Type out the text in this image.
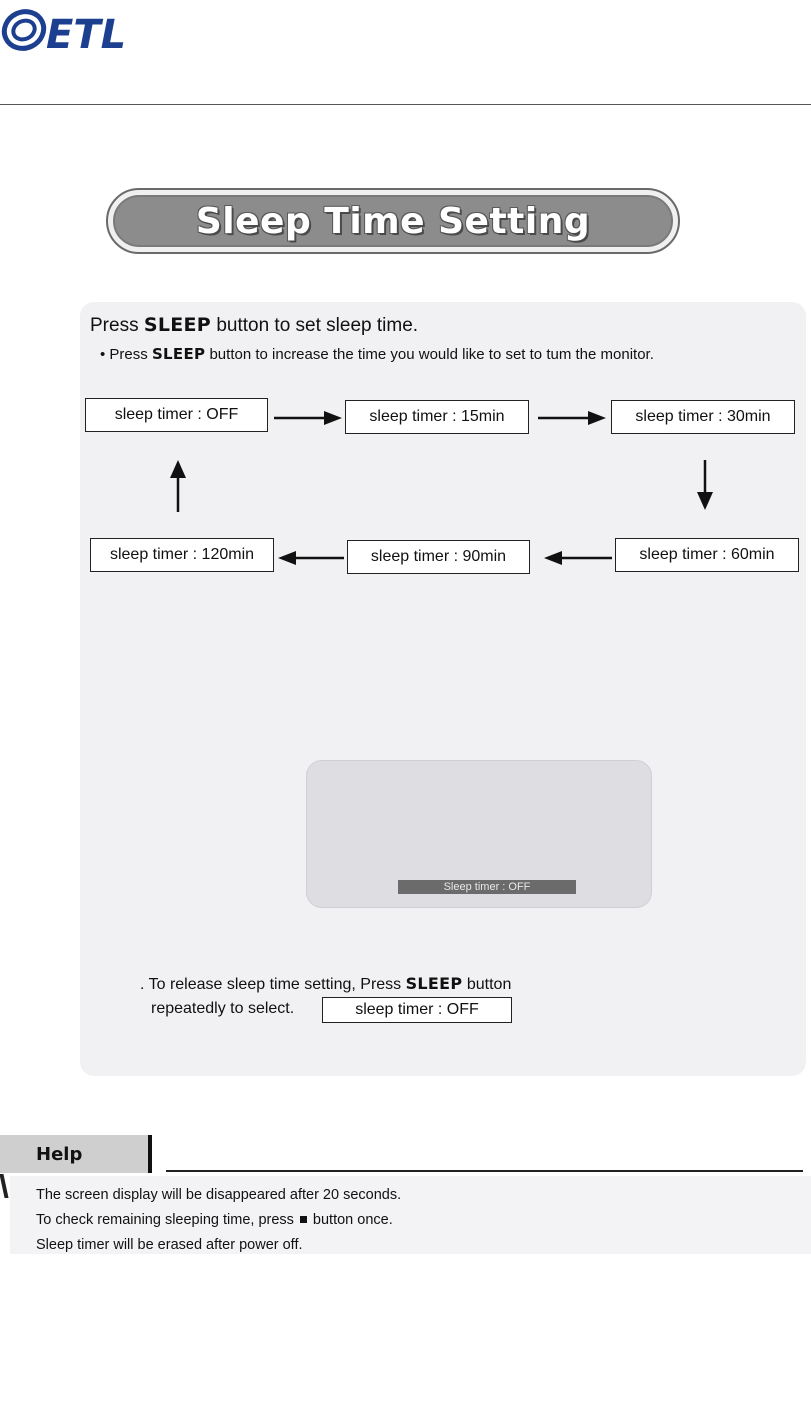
ETL
Sleep Time Setting
Press SLEEP button to set sleep time.
• Press SLEEP button to increase the time you would like to set to tum the monitor.
sleep timer : OFF	sleep timer : 15min	sleep timer : 30min
sleep timer : 60min
sleep timer : 90min
sleep timer : 120min
Sleep timer : OFF
. To release sleep time setting, Press SLEEP button
repeatedly to select.	sleep timer : OFF
Help
The screen display will be disappeared after 20 seconds.
To check remaining sleeping time, press button once.
Sleep timer will be erased after power off.
